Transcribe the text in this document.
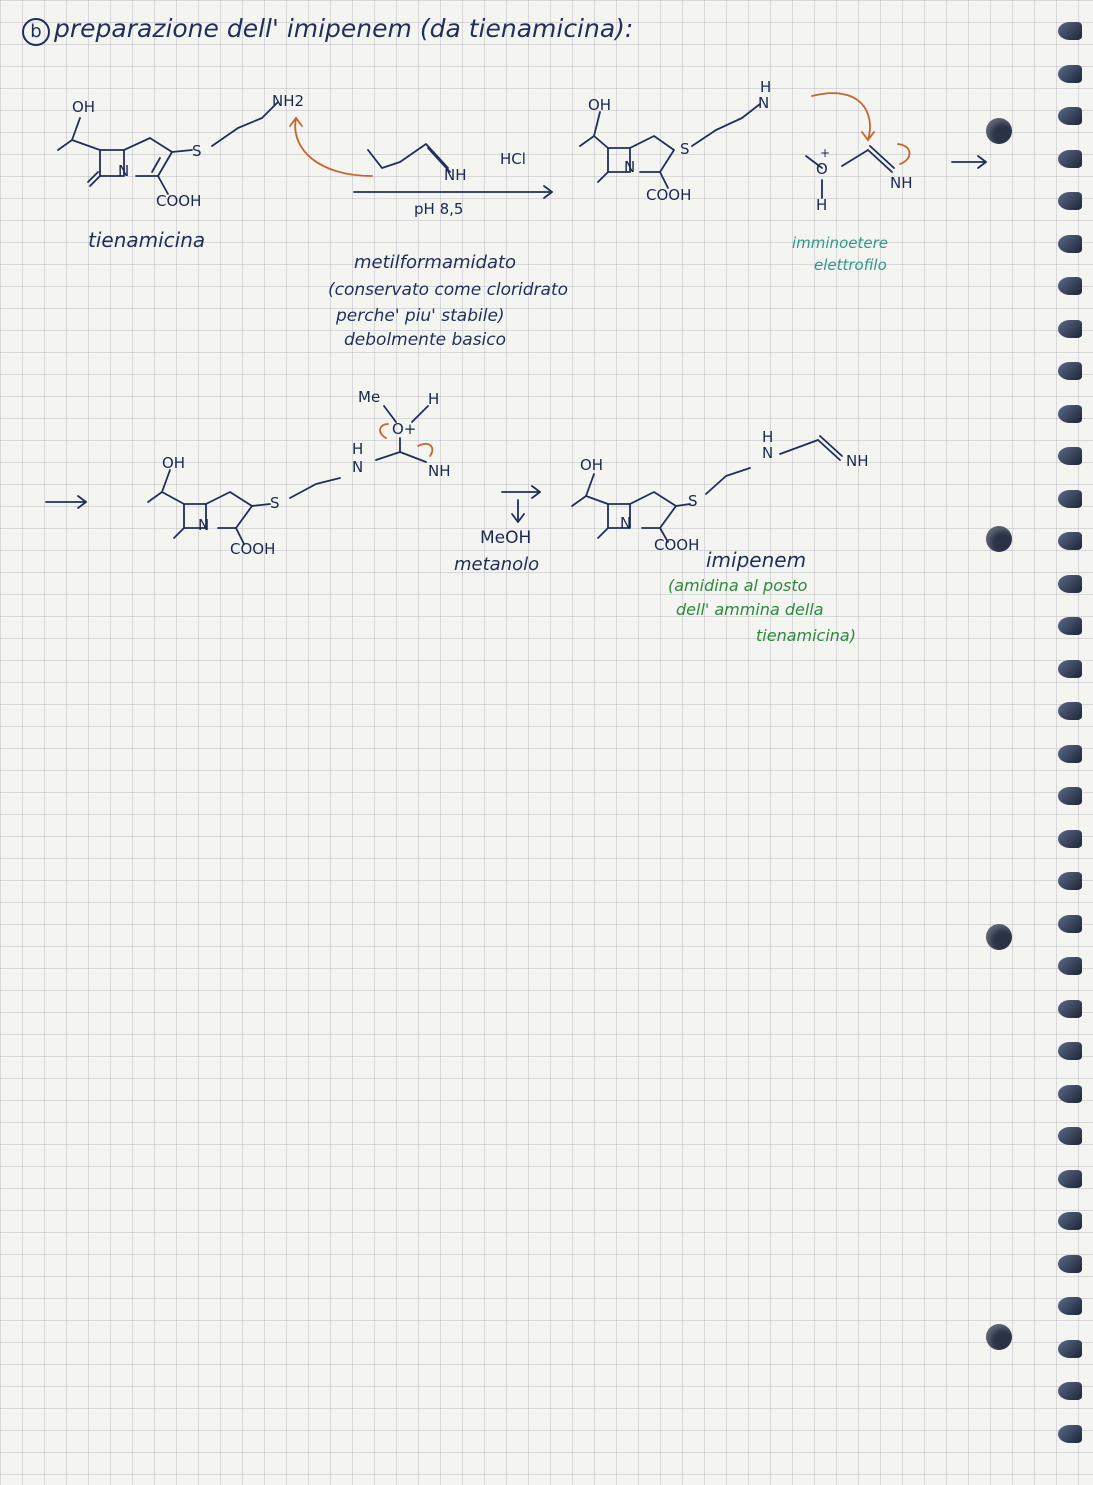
b preparazione dell' imipenem (da tienamicina):
OH
S
N
COOH
NH2
tienamicina
NH
HCl
pH 8,5
metilformamidato
(conservato come cloridrato
perche' piu' stabile)
debolmente basico
OH
S
N
COOH
H
N
+
O
H
NH
imminoetere
elettrofilo
OH
S
N
COOH
Me
O+
H
H
N	NH
MeOH
metanolo
OH
S
N
COOH
H
N	NH
imipenem
(amidina al posto
dell' ammina della
tienamicina)
